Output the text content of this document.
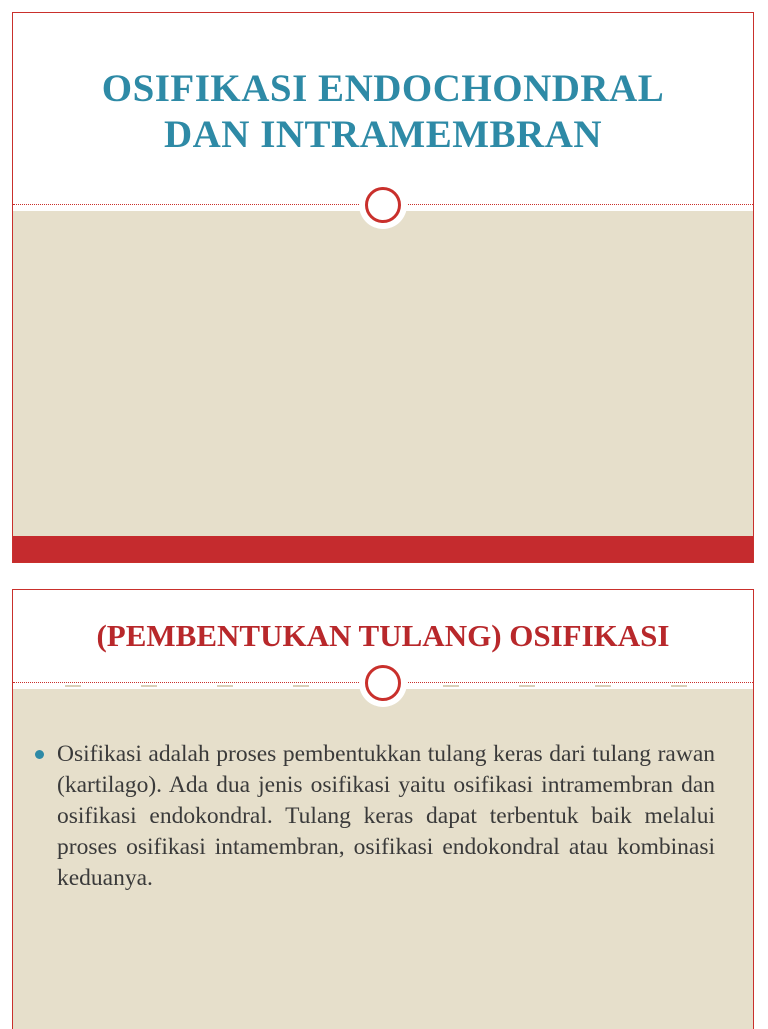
OSIFIKASI ENDOCHONDRAL
DAN INTRAMEMBRAN
(PEMBENTUKAN TULANG) OSIFIKASI
Osifikasi adalah proses pembentukkan tulang keras dari tulang rawan (kartilago). Ada dua jenis osifikasi yaitu osifikasi intramembran dan osifikasi endokondral. Tulang keras dapat terbentuk baik melalui proses osifikasi intamembran, osifikasi endokondral atau kombinasi keduanya.
